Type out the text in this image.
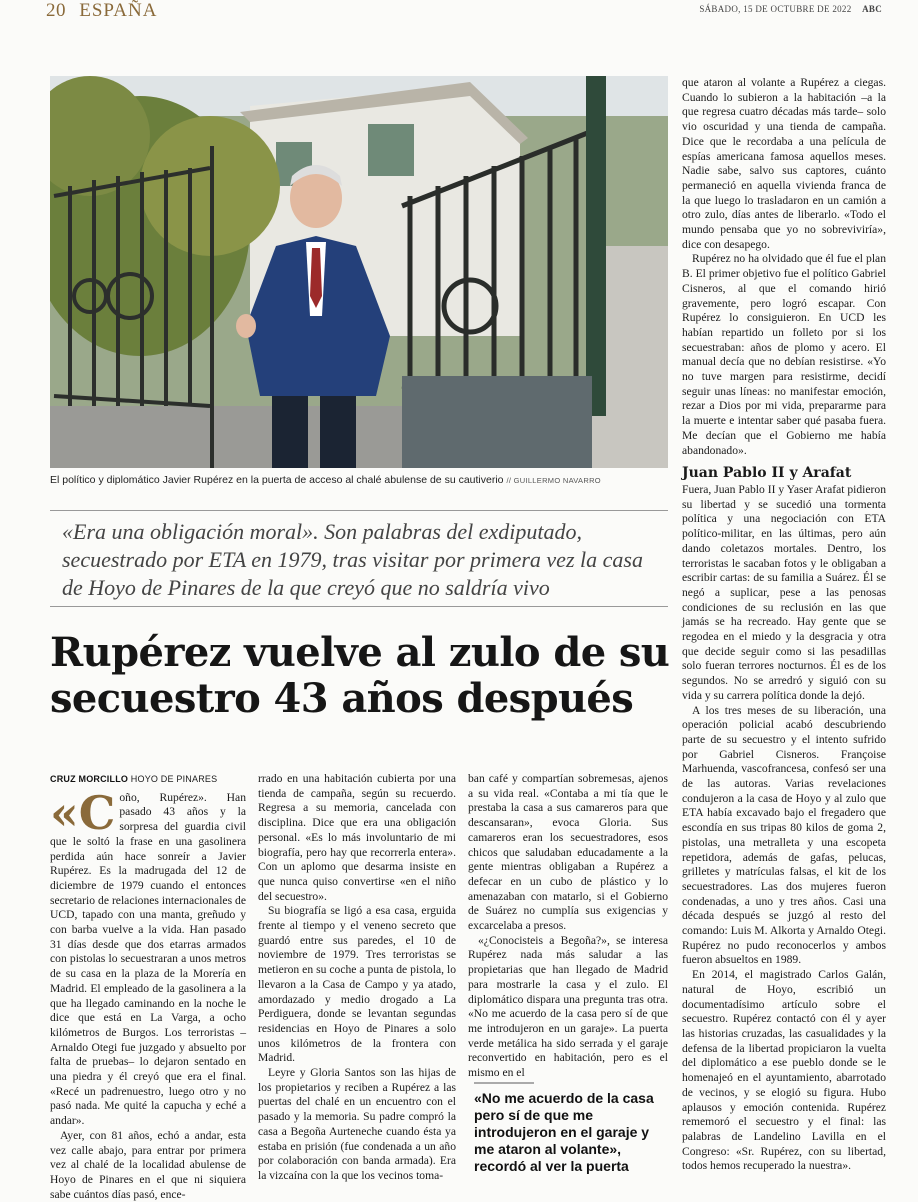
20 ESPAÑA	SÁBADO, 15 DE OCTUBRE DE 2022 ABC
El político y diplomático Javier Rupérez en la puerta de acceso al chalé abulense de su cautiverio // GUILLERMO NAVARRO
«Era una obligación moral». Son palabras del exdiputado, secuestrado por ETA en 1979, tras visitar por primera vez la casa de Hoyo de Pinares de la que creyó que no saldría vivo
Rupérez vuelve al zulo de su secuestro 43 años después
CRUZ MORCILLO HOYO DE PINARES
«C oño, Rupérez». Han pasado 43 años y la sorpresa del guardia civil que le soltó la frase en una gasolinera perdida aún hace sonreír a Javier Rupérez. Es la madrugada del 12 de diciembre de 1979 cuando el entonces secretario de relaciones internacionales de UCD, tapado con una manta, greñudo y con barba vuelve a la vida. Han pasado 31 días desde que dos etarras armados con pistolas lo secuestraran a unos metros de su casa en la plaza de la Morería en Madrid. El empleado de la gasolinera a la que ha llegado caminando en la noche le dice que está en La Varga, a ocho kilómetros de Burgos. Los terroristas –Arnaldo Otegi fue juzgado y absuelto por falta de pruebas– lo dejaron sentado en una piedra y él creyó que era el final. «Recé un padrenuestro, luego otro y no pasó nada. Me quité la capucha y eché a andar».

Ayer, con 81 años, echó a andar, esta vez calle abajo, para entrar por primera vez al chalé de la localidad abulense de Hoyo de Pinares en el que ni siquiera sabe cuántos días pasó, ence-

rrado en una habitación cubierta por una tienda de campaña, según su recuerdo. Regresa a su memoria, cancelada con disciplina. Dice que era una obligación personal. «Es lo más involuntario de mi biografía, pero hay que recorrerla entera». Con un aplomo que desarma insiste en que nunca quiso convertirse «en el niño del secuestro».

Su biografía se ligó a esa casa, erguida frente al tiempo y el veneno secreto que guardó entre sus paredes, el 10 de noviembre de 1979. Tres terroristas se metieron en su coche a punta de pistola, lo llevaron a la Casa de Campo y ya atado, amordazado y medio drogado a La Perdiguera, donde se levantan segundas residencias en Hoyo de Pinares a solo unos kilómetros de la frontera con Madrid.

Leyre y Gloria Santos son las hijas de los propietarios y reciben a Rupérez a las puertas del chalé en un encuentro con el pasado y la memoria. Su padre compró la casa a Begoña Aurteneche cuando ésta ya estaba en prisión (fue condenada a un año por colaboración con banda armada). Era la vizcaína con la que los vecinos toma-

ban café y compartían sobremesas, ajenos a su vida real. «Contaba a mi tía que le prestaba la casa a sus camareros para que descansaran», evoca Gloria. Sus camareros eran los secuestradores, esos chicos que saludaban educadamente a la gente mientras obligaban a Rupérez a defecar en un cubo de plástico y lo amenazaban con matarlo, si el Gobierno de Suárez no cumplía sus exigencias y excarcelaba a presos.

«¿Conocisteis a Begoña?», se interesa Rupérez nada más saludar a las propietarias que han llegado de Madrid para mostrarle la casa y el zulo. El diplomático dispara una pregunta tras otra. «No me acuerdo de la casa pero sí de que me introdujeron en un garaje». La puerta verde metálica ha sido serrada y el garaje reconvertido en habitación, pero es el mismo en el

«No me acuerdo de la casa pero sí de que me introdujeron en el garaje y me ataron al volante», recordó al ver la puerta

que ataron al volante a Rupérez a ciegas. Cuando lo subieron a la habitación –a la que regresa cuatro décadas más tarde– solo vio oscuridad y una tienda de campaña. Dice que le recordaba a una película de espías americana famosa aquellos meses. Nadie sabe, salvo sus captores, cuánto permaneció en aquella vivienda franca de la que luego lo trasladaron en un camión a otro zulo, días antes de liberarlo. «Todo el mundo pensaba que yo no sobreviviría», dice con desapego.

Rupérez no ha olvidado que él fue el plan B. El primer objetivo fue el político Gabriel Cisneros, al que el comando hirió gravemente, pero logró escapar. Con Rupérez lo consiguieron. En UCD les habían repartido un folleto por si los secuestraban: años de plomo y acero. El manual decía que no debían resistirse. «Yo no tuve margen para resistirme, decidí seguir unas líneas: no manifestar emoción, rezar a Dios por mi vida, prepararme para la muerte e intentar saber qué pasaba fuera. Me decían que el Gobierno me había abandonado».

Juan Pablo II y Arafat

Fuera, Juan Pablo II y Yaser Arafat pidieron su libertad y se sucedió una tormenta política y una negociación con ETA político-militar, en las últimas, pero aún dando coletazos mortales. Dentro, los terroristas le sacaban fotos y le obligaban a escribir cartas: de su familia a Suárez. Él se negó a suplicar, pese a las penosas condiciones de su reclusión en las que jamás se ha recreado. Hay gente que se regodea en el miedo y la desgracia y otra que decide seguir como si las pesadillas solo fueran terrores nocturnos. Él es de los segundos. No se arredró y siguió con su vida y su carrera política donde la dejó.

A los tres meses de su liberación, una operación policial acabó descubriendo parte de su secuestro y el intento sufrido por Gabriel Cisneros. Françoise Marhuenda, vascofrancesa, confesó ser una de las autoras. Varias revelaciones condujeron a la casa de Hoyo y al zulo que ETA había excavado bajo el fregadero que escondía en sus tripas 80 kilos de goma 2, pistolas, una metralleta y una escopeta repetidora, además de gafas, pelucas, grilletes y matrículas falsas, el kit de los secuestradores. Las dos mujeres fueron condenadas, a uno y tres años. Casi una década después se juzgó al resto del comando: Luis M. Alkorta y Arnaldo Otegi. Rupérez no pudo reconocerlos y ambos fueron absueltos en 1989.

En 2014, el magistrado Carlos Galán, natural de Hoyo, escribió un documentadísimo artículo sobre el secuestro. Rupérez contactó con él y ayer las historias cruzadas, las casualidades y la defensa de la libertad propiciaron la vuelta del diplomático a ese pueblo donde se le homenajeó en el ayuntamiento, abarrotado de vecinos, y se elogió su figura. Hubo aplausos y emoción contenida. Rupérez rememoró el secuestro y el final: las palabras de Landelino Lavilla en el Congreso: «Sr. Rupérez, con su libertad, todos hemos recuperado la nuestra».
